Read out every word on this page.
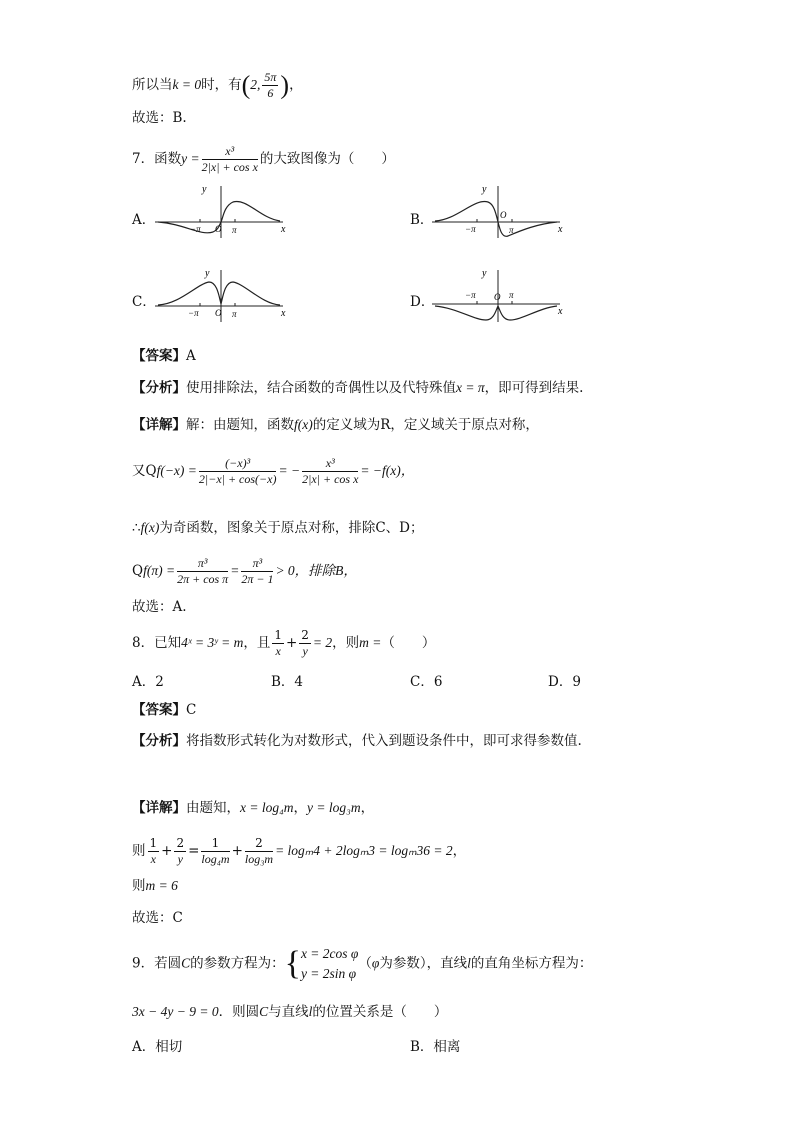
所以当k = 0时，有(2, $\frac{5\pi}{6}$ )，
故选：B.
7．函数$y = \frac{\text{x³}}{\text{2|x| + cos x}}$ 的大致图像为（　　）
A．	B．
C．	D．
y
x
O
−π	π
y
x
O
−π	π
y
x
O
−π	π
y
x
O
−π	π
【答案】A
【分析】使用排除法，结合函数的奇偶性以及代特殊值x = π，即可得到结果.
【详解】解：由题知，函数f(x)的定义域为R，定义域关于原点对称，
又$Qf(-x) = \frac{\text{(−x)³}}{2|-x| + \cos(-x)}$ = − $\frac{\text{x³}}{\text{2|x| + cos x}} = -f(x)$，
∴f(x)为奇函数，图象关于原点对称，排除C、D；
$Qf(\pi) = \frac{\text{π³}}{\text{2π + cos π}} = \frac{\text{π³}}{2\pi - 1} > 0$，排除B，
故选：A.
8．已知4ˣ = 3ʸ = m，且 $\frac{1}{x} + \frac{2}{y} = 2$，则m =（　　）
A．2	B．4	C．6	D．9
【答案】C
【分析】将指数形式转化为对数形式，代入到题设条件中，即可求得参数值.
【详解】由题知，x = log₄m，y = log₃m，
则 $\frac{1}{x} + \frac{2}{y} = \frac{1}{\text{log₄m}} + \frac{2}{\text{log₃m}} = \log_m4 + 2\log_m3 = \log_m36 = 2$，
则m = 6
故选：C
9．若圆C的参数方程为：{ x = 2cos φ
y = 2sin φ
（φ为参数），直线l的直角坐标方程为：
3x − 4y − 9 = 0．则圆C与直线l的位置关系是（　　）
A．相切	B．相离
